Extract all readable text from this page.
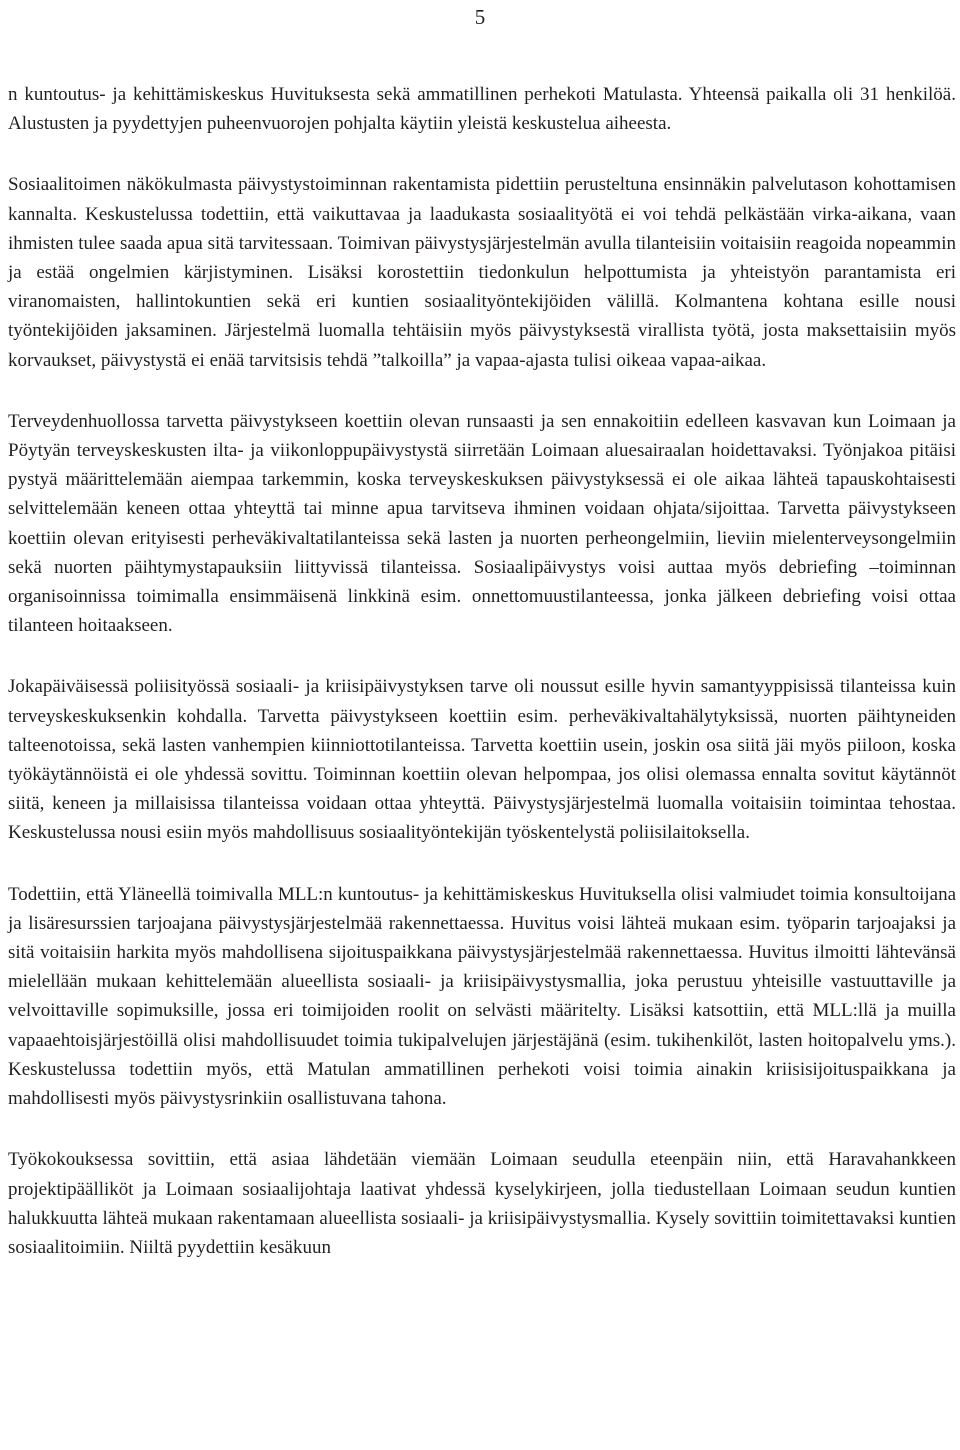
5

n kuntoutus- ja kehittämiskeskus Huvituksesta sekä ammatillinen perhekoti Matulasta. Yhteensä paikalla oli 31 henkilöä. Alustusten ja pyydettyjen puheenvuorojen pohjalta käytiin yleistä keskustelua aiheesta.

Sosiaalitoimen näkökulmasta päivystystoiminnan rakentamista pidettiin perusteltuna ensinnäkin palvelutason kohottamisen kannalta. Keskustelussa todettiin, että vaikuttavaa ja laadukasta sosiaalityötä ei voi tehdä pelkästään virka-aikana, vaan ihmisten tulee saada apua sitä tarvitessaan. Toimivan päivystysjärjestelmän avulla tilanteisiin voitaisiin reagoida nopeammin ja estää ongelmien kärjistyminen. Lisäksi korostettiin tiedonkulun helpottumista ja yhteistyön parantamista eri viranomaisten, hallintokuntien sekä eri kuntien sosiaalityöntekijöiden välillä. Kolmantena kohtana esille nousi työntekijöiden jaksaminen. Järjestelmä luomalla tehtäisiin myös päivystyksestä virallista työtä, josta maksettaisiin myös korvaukset, päivystystä ei enää tarvitsisis tehdä ”talkoilla” ja vapaa-ajasta tulisi oikeaa vapaa-aikaa.

Terveydenhuollossa tarvetta päivystykseen koettiin olevan runsaasti ja sen ennakoitiin edelleen kasvavan kun Loimaan ja Pöytyän terveyskeskusten ilta- ja viikonloppupäivystystä siirretään Loimaan aluesairaalan hoidettavaksi. Työnjakoa pitäisi pystyä määrittelemään aiempaa tarkemmin, koska terveyskeskuksen päivystyksessä ei ole aikaa lähteä tapauskohtaisesti selvittelemään keneen ottaa yhteyttä tai minne apua tarvitseva ihminen voidaan ohjata/sijoittaa. Tarvetta päivystykseen koettiin olevan erityisesti perheväkivaltatilanteissa sekä lasten ja nuorten perheongelmiin, lieviin mielenterveysongelmiin sekä nuorten päihtymystapauksiin liittyvissä tilanteissa. Sosiaalipäivystys voisi auttaa myös debriefing –toiminnan organisoinnissa toimimalla ensimmäisenä linkkinä esim. onnettomuustilanteessa, jonka jälkeen debriefing voisi ottaa tilanteen hoitaakseen.

Jokapäiväisessä poliisityössä sosiaali- ja kriisipäivystyksen tarve oli noussut esille hyvin samantyyppisissä tilanteissa kuin terveyskeskuksenkin kohdalla. Tarvetta päivystykseen koettiin esim. perheväkivaltahälytyksissä, nuorten päihtyneiden talteenotoissa, sekä lasten vanhempien kiinniottotilanteissa. Tarvetta koettiin usein, joskin osa siitä jäi myös piiloon, koska työkäytännöistä ei ole yhdessä sovittu. Toiminnan koettiin olevan helpompaa, jos olisi olemassa ennalta sovitut käytännöt siitä, keneen ja millaisissa tilanteissa voidaan ottaa yhteyttä. Päivystysjärjestelmä luomalla voitaisiin toimintaa tehostaa. Keskustelussa nousi esiin myös mahdollisuus sosiaalityöntekijän työskentelystä poliisilaitoksella.

Todettiin, että Yläneellä toimivalla MLL:n kuntoutus- ja kehittämiskeskus Huvituksella olisi valmiudet toimia konsultoijana ja lisäresurssien tarjoajana päivystysjärjestelmää rakennettaessa. Huvitus voisi lähteä mukaan esim. työparin tarjoajaksi ja sitä voitaisiin harkita myös mahdollisena sijoituspaikkana päivystysjärjestelmää rakennettaessa. Huvitus ilmoitti lähtevänsä mielellään mukaan kehittelemään alueellista sosiaali- ja kriisipäivystysmallia, joka perustuu yhteisille vastuuttaville ja velvoittaville sopimuksille, jossa eri toimijoiden roolit on selvästi määritelty. Lisäksi katsottiin, että MLL:llä ja muilla vapaaehtoisjärjestöillä olisi mahdollisuudet toimia tukipalvelujen järjestäjänä (esim. tukihenkilöt, lasten hoitopalvelu yms.). Keskustelussa todettiin myös, että Matulan ammatillinen perhekoti voisi toimia ainakin kriisisijoituspaikkana ja mahdollisesti myös päivystysrinkiin osallistuvana tahona.

Työkokouksessa sovittiin, että asiaa lähdetään viemään Loimaan seudulla eteenpäin niin, että Haravahankkeen projektipäälliköt ja Loimaan sosiaalijohtaja laativat yhdessä kyselykirjeen, jolla tiedustellaan Loimaan seudun kuntien halukkuutta lähteä mukaan rakentamaan alueellista sosiaali- ja kriisipäivystysmallia. Kysely sovittiin toimitettavaksi kuntien sosiaalitoimiin. Niiltä pyydettiin kesäkuun
